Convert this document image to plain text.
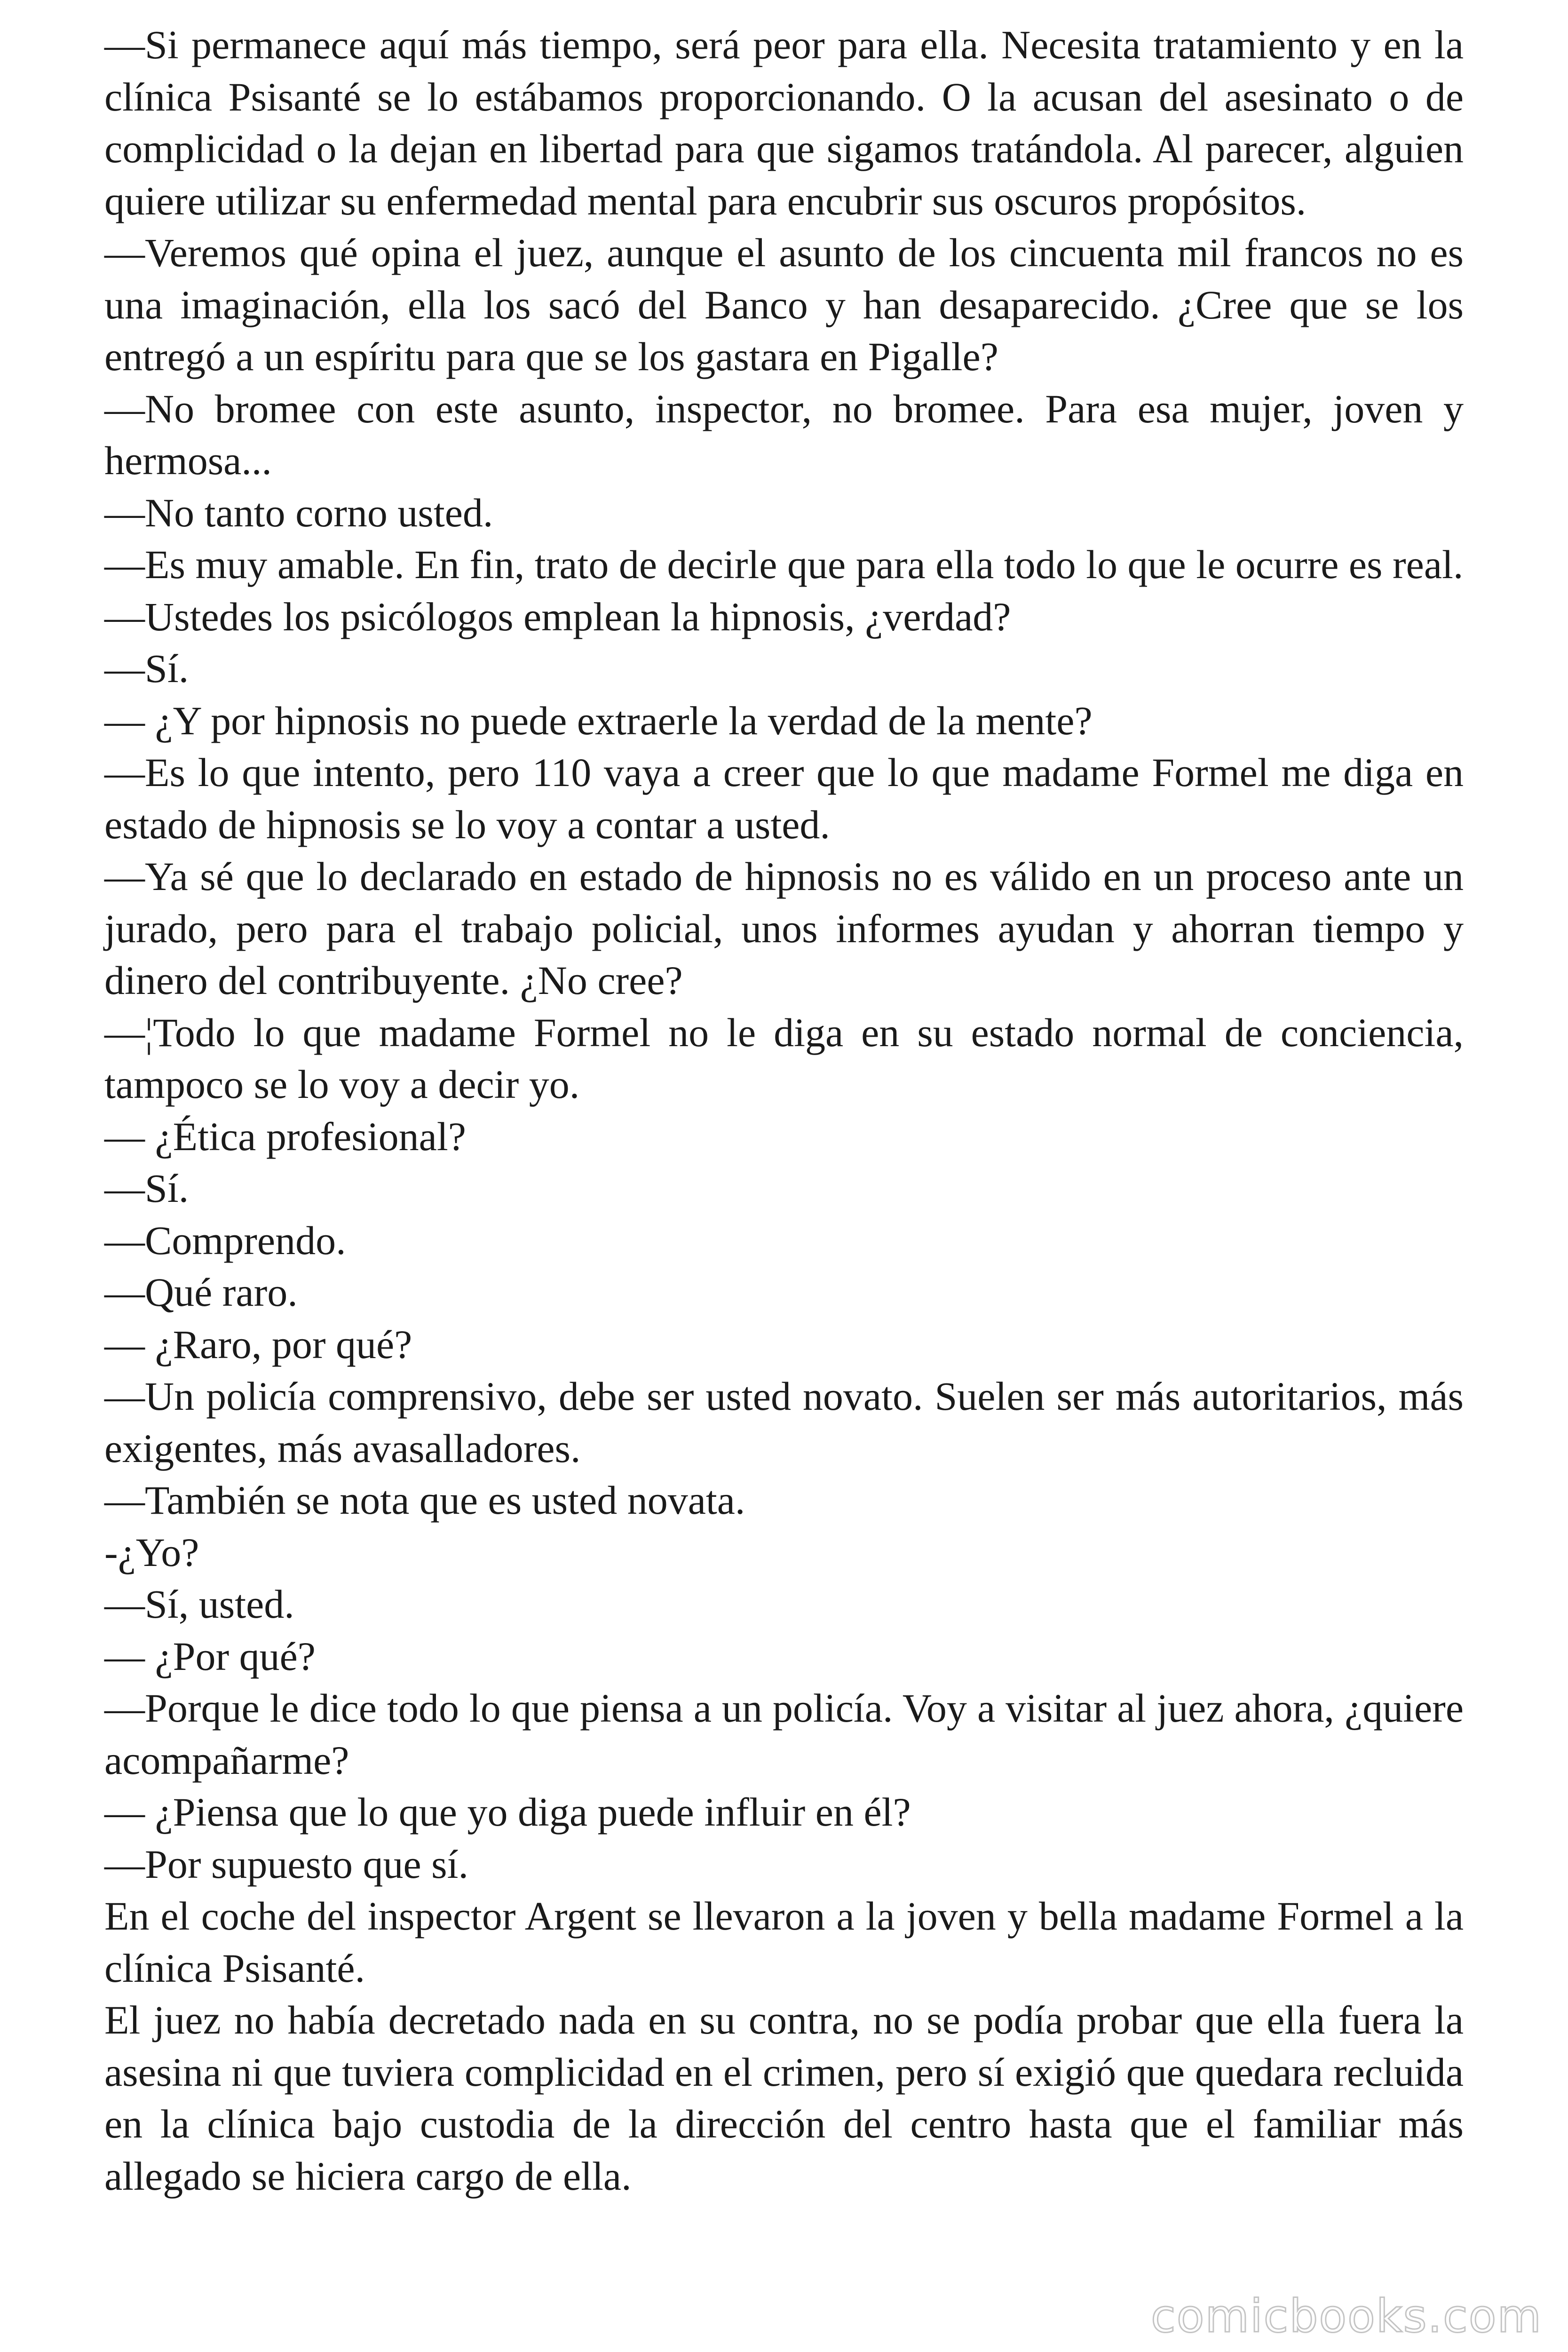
—Si permanece aquí más tiempo, será peor para ella. Necesita tratamiento y en la clínica Psisanté se lo estábamos proporcionando. O la acusan del asesinato o de complicidad o la dejan en libertad para que sigamos tratándola. Al parecer, alguien quiere utilizar su enfermedad mental para encubrir sus oscuros propósitos.

—Veremos qué opina el juez, aunque el asunto de los cincuenta mil francos no es una imaginación, ella los sacó del Banco y han desaparecido. ¿Cree que se los entregó a un espíritu para que se los gastara en Pigalle?

—No bromee con este asunto, inspector, no bromee. Para esa mujer, joven y hermosa...

—No tanto corno usted.

—Es muy amable. En fin, trato de decirle que para ella todo lo que le ocurre es real.

—Ustedes los psicólogos emplean la hipnosis, ¿verdad?

—Sí.

— ¿Y por hipnosis no puede extraerle la verdad de la mente?

—Es lo que intento, pero 110 vaya a creer que lo que madame Formel me diga en estado de hipnosis se lo voy a contar a usted.

—Ya sé que lo declarado en estado de hipnosis no es válido en un proceso ante un jurado, pero para el trabajo policial, unos informes ayudan y ahorran tiempo y dinero del contribuyente. ¿No cree?

—¦Todo lo que madame Formel no le diga en su estado normal de conciencia, tampoco se lo voy a decir yo.

— ¿Ética profesional?

—Sí.

—Comprendo.

—Qué raro.

— ¿Raro, por qué?

—Un policía comprensivo, debe ser usted novato. Suelen ser más autoritarios, más exigentes, más avasalladores.

—También se nota que es usted novata.

-¿Yo?

—Sí, usted.

— ¿Por qué?

—Porque le dice todo lo que piensa a un policía. Voy a visitar al juez ahora, ¿quiere acompañarme?

— ¿Piensa que lo que yo diga puede influir en él?

—Por supuesto que sí.

En el coche del inspector Argent se llevaron a la joven y bella madame Formel a la clínica Psisanté.

El juez no había decretado nada en su contra, no se podía probar que ella fuera la asesina ni que tuviera complicidad en el crimen, pero sí exigió que quedara recluida en la clínica bajo custodia de la dirección del centro hasta que el familiar más allegado se hiciera cargo de ella.

comicbooks.com
